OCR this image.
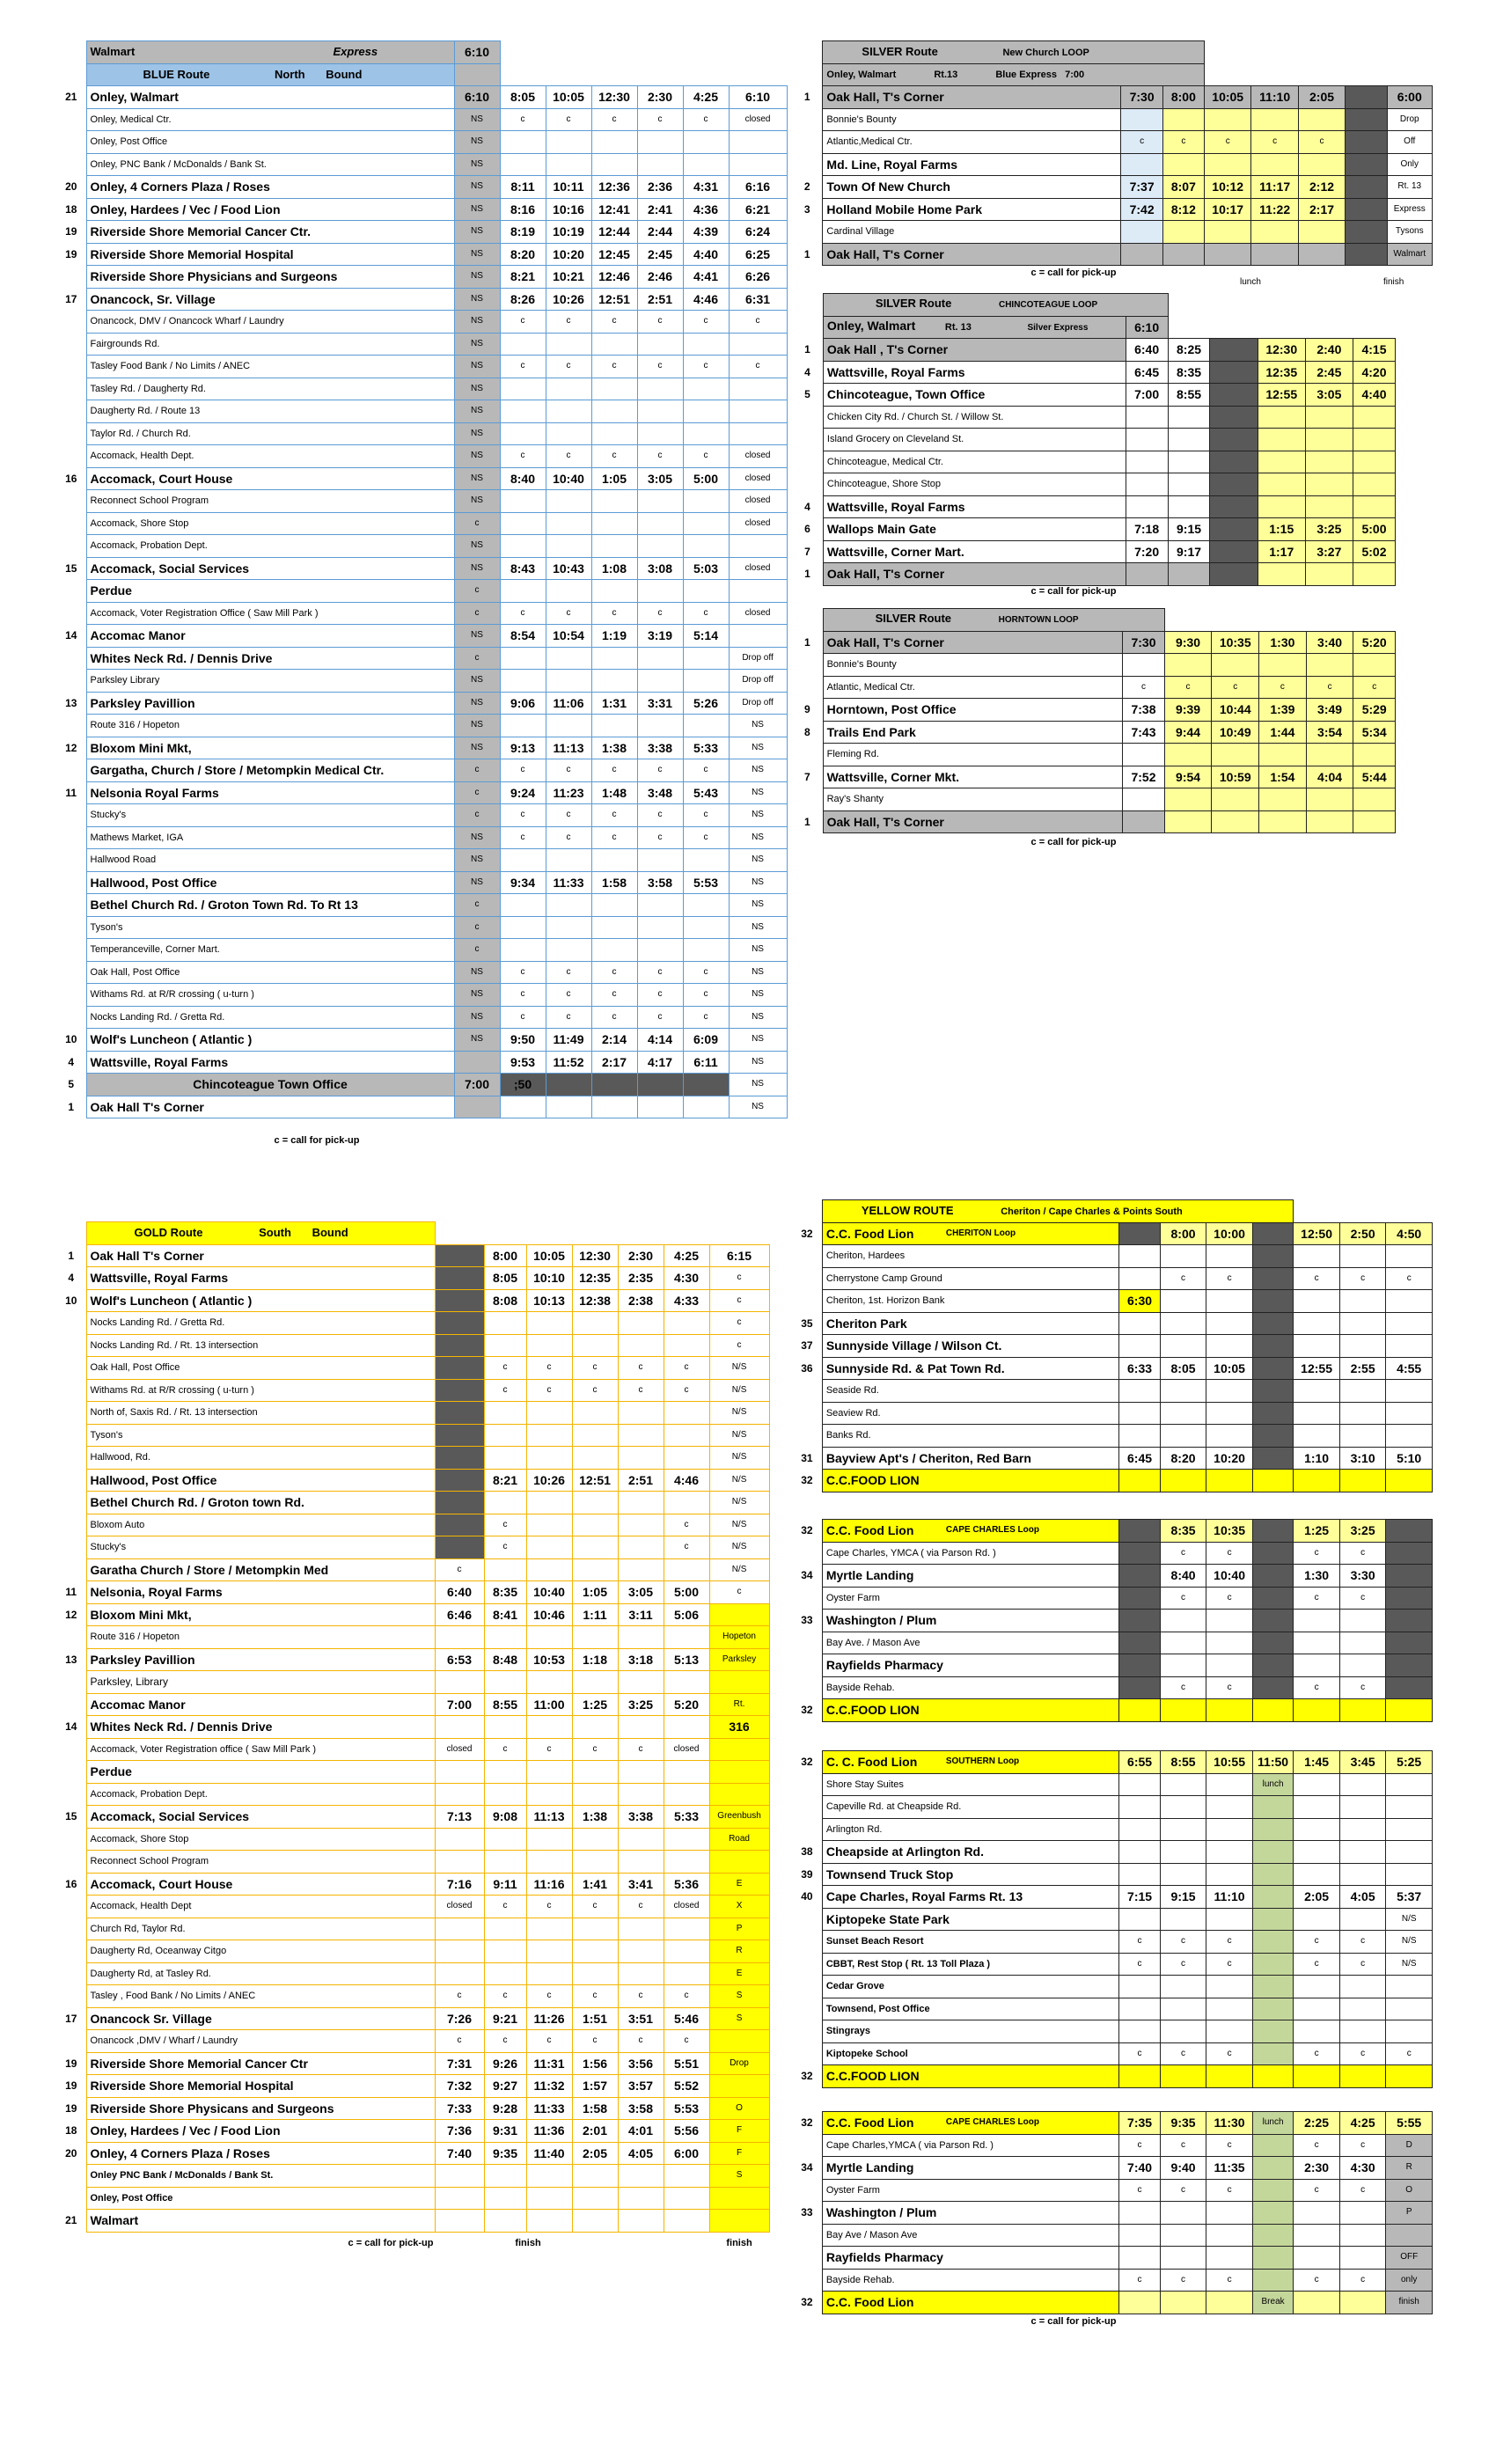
	Walmart Express	6:10						
	BLUE Route North Bound							
21	Onley, Walmart	6:10	8:05	10:05	12:30	2:30	4:25	6:10
	Onley, Medical Ctr.	NS	c	c	c	c	c	closed
	Onley, Post Office	NS						
	Onley, PNC Bank / McDonalds / Bank St.	NS						
20	Onley, 4 Corners Plaza / Roses	NS	8:11	10:11	12:36	2:36	4:31	6:16
18	Onley, Hardees / Vec / Food Lion	NS	8:16	10:16	12:41	2:41	4:36	6:21
19	Riverside Shore Memorial Cancer Ctr.	NS	8:19	10:19	12:44	2:44	4:39	6:24
19	Riverside Shore Memorial Hospital	NS	8:20	10:20	12:45	2:45	4:40	6:25
	Riverside Shore Physicians and Surgeons	NS	8:21	10:21	12:46	2:46	4:41	6:26
17	Onancock, Sr. Village	NS	8:26	10:26	12:51	2:51	4:46	6:31
	Onancock, DMV / Onancock Wharf / Laundry	NS	c	c	c	c	c	c
	Fairgrounds Rd.	NS						
	Tasley Food Bank / No Limits / ANEC	NS	c	c	c	c	c	c
	Tasley Rd. / Daugherty Rd.	NS						
	Daugherty Rd. / Route 13	NS						
	Taylor Rd. / Church Rd.	NS						
	Accomack, Health Dept.	NS	c	c	c	c	c	closed
16	Accomack, Court House	NS	8:40	10:40	1:05	3:05	5:00	closed
	Reconnect School Program	NS						closed
	Accomack, Shore Stop	c						closed
	Accomack, Probation Dept.	NS						
15	Accomack, Social Services	NS	8:43	10:43	1:08	3:08	5:03	closed
	Perdue	c						
	Accomack, Voter Registration Office ( Saw Mill Park )	c	c	c	c	c	c	closed
14	Accomac Manor	NS	8:54	10:54	1:19	3:19	5:14	
	Whites Neck Rd. / Dennis Drive	c						Drop off
	Parksley Library	NS						Drop off
13	Parksley Pavillion	NS	9:06	11:06	1:31	3:31	5:26	Drop off
	Route 316 / Hopeton	NS						NS
12	Bloxom Mini Mkt,	NS	9:13	11:13	1:38	3:38	5:33	NS
	Gargatha, Church / Store / Metompkin Medical Ctr.	c	c	c	c	c	c	NS
11	Nelsonia Royal Farms	c	9:24	11:23	1:48	3:48	5:43	NS
	Stucky's	c	c	c	c	c	c	NS
	Mathews Market, IGA	NS	c	c	c	c	c	NS
	Hallwood Road	NS						NS
	Hallwood, Post Office	NS	9:34	11:33	1:58	3:58	5:53	NS
	Bethel Church Rd. / Groton Town Rd. To Rt 13	c						NS
	Tyson's	c						NS
	Temperanceville, Corner Mart.	c						NS
	Oak Hall, Post Office	NS	c	c	c	c	c	NS
	Withams Rd. at R/R crossing ( u-turn )	NS	c	c	c	c	c	NS
	Nocks Landing Rd. / Gretta Rd.	NS	c	c	c	c	c	NS
10	Wolf's Luncheon ( Atlantic )	NS	9:50	11:49	2:14	4:14	6:09	NS
4	Wattsville, Royal Farms		9:53	11:52	2:17	4:17	6:11	NS
5	Chincoteague Town Office	7:00	;50					NS
1	Oak Hall T's Corner							NS
c = call for pick-up
	SILVER Route New Church LOOP							
	Onley, Walmart Rt.13 Blue Express 7:00							
1	Oak Hall, T's Corner	7:30	8:00	10:05	11:10	2:05		6:00
	Bonnie's Bounty							Drop
	Atlantic,Medical Ctr.	c	c	c	c	c		Off
	Md. Line, Royal Farms							Only
2	Town Of New Church	7:37	8:07	10:12	11:17	2:12		Rt. 13
3	Holland Mobile Home Park	7:42	8:12	10:17	11:22	2:17		Express
	Cardinal Village							Tysons
1	Oak Hall, T's Corner							Walmart

		lunch finish						
c = call for pick-up
	SILVER Route CHINCOTEAGUE LOOP						
	Onley, Walmart Rt. 13 Silver Express	6:10					
1	Oak Hall , T's Corner	6:40	8:25		12:30	2:40	4:15
4	Wattsville, Royal Farms	6:45	8:35		12:35	2:45	4:20
5	Chincoteague, Town Office	7:00	8:55		12:55	3:05	4:40
	Chicken City Rd. / Church St. / Willow St.						
	Island Grocery on Cleveland St.						
	Chincoteague, Medical Ctr.						
	Chincoteague, Shore Stop						
4	Wattsville, Royal Farms						
6	Wallops Main Gate	7:18	9:15		1:15	3:25	5:00
7	Wattsville, Corner Mart.	7:20	9:17		1:17	3:27	5:02
1	Oak Hall, T's Corner						
c = call for pick-up
	SILVER Route HORNTOWN LOOP						
1	Oak Hall, T's Corner	7:30	9:30	10:35	1:30	3:40	5:20
	Bonnie's Bounty						
	Atlantic, Medical Ctr.	c	c	c	c	c	c
9	Horntown, Post Office	7:38	9:39	10:44	1:39	3:49	5:29
8	Trails End Park	7:43	9:44	10:49	1:44	3:54	5:34
	Fleming Rd.						
7	Wattsville, Corner Mkt.	7:52	9:54	10:59	1:54	4:04	5:44
	Ray's Shanty						
1	Oak Hall, T's Corner						
c = call for pick-up
	GOLD Route South Bound							
1	Oak Hall T's Corner		8:00	10:05	12:30	2:30	4:25	6:15
4	Wattsville, Royal Farms		8:05	10:10	12:35	2:35	4:30	c
10	Wolf's Luncheon ( Atlantic )		8:08	10:13	12:38	2:38	4:33	c
	Nocks Landing Rd. / Gretta Rd.							c
	Nocks Landing Rd. / Rt. 13 intersection							c
	Oak Hall, Post Office		c	c	c	c	c	N/S
	Withams Rd. at R/R crossing ( u-turn )		c	c	c	c	c	N/S
	North of, Saxis Rd. / Rt. 13 intersection							N/S
	Tyson's							N/S
	Hallwood, Rd.							N/S
	Hallwood, Post Office		8:21	10:26	12:51	2:51	4:46	N/S
	Bethel Church Rd. / Groton town Rd.							N/S
	Bloxom Auto		c				c	N/S
	Stucky's		c				c	N/S
	Garatha Church / Store / Metompkin Med	c						N/S
11	Nelsonia, Royal Farms	6:40	8:35	10:40	1:05	3:05	5:00	c
12	Bloxom Mini Mkt,	6:46	8:41	10:46	1:11	3:11	5:06	
	Route 316 / Hopeton							Hopeton
13	Parksley Pavillion	6:53	8:48	10:53	1:18	3:18	5:13	Parksley
	Parksley, Library							
	Accomac Manor	7:00	8:55	11:00	1:25	3:25	5:20	Rt.
14	Whites Neck Rd. / Dennis Drive							316
	Accomack, Voter Registration office ( Saw Mill Park )	closed	c	c	c	c	closed	
	Perdue							
	Accomack, Probation Dept.							
15	Accomack, Social Services	7:13	9:08	11:13	1:38	3:38	5:33	Greenbush
	Accomack, Shore Stop							Road
	Reconnect School Program							
16	Accomack, Court House	7:16	9:11	11:16	1:41	3:41	5:36	E
	Accomack, Health Dept	closed	c	c	c	c	closed	X
	Church Rd, Taylor Rd.							P
	Daugherty Rd, Oceanway Citgo							R
	Daugherty Rd, at Tasley Rd.							E
	Tasley , Food Bank / No Limits / ANEC	c	c	c	c	c	c	S
17	Onancock Sr. Village	7:26	9:21	11:26	1:51	3:51	5:46	S
	Onancock ,DMV / Wharf / Laundry	c	c	c	c	c	c	
19	Riverside Shore Memorial Cancer Ctr	7:31	9:26	11:31	1:56	3:56	5:51	Drop
19	Riverside Shore Memorial Hospital	7:32	9:27	11:32	1:57	3:57	5:52	
19	Riverside Shore Physicans and Surgeons	7:33	9:28	11:33	1:58	3:58	5:53	O
18	Onley, Hardees / Vec / Food Lion	7:36	9:31	11:36	2:01	4:01	5:56	F
20	Onley, 4 Corners Plaza / Roses	7:40	9:35	11:40	2:05	4:05	6:00	F
	Onley PNC Bank / McDonalds / Bank St.							S
	Onley, Post Office							
21	Walmart							
	c = call for pick-up		finish					finish
	YELLOW ROUTE Cheriton / Cape Charles & Points South							
32	C.C. Food Lion CHERITON Loop		8:00	10:00		12:50	2:50	4:50
	Cheriton, Hardees							
	Cherrystone Camp Ground		c	c		c	c	c
	Cheriton, 1st. Horizon Bank	6:30						
35	Cheriton Park							
37	Sunnyside Village / Wilson Ct.							
36	Sunnyside Rd. & Pat Town Rd.	6:33	8:05	10:05		12:55	2:55	4:55
	Seaside Rd.							
	Seaview Rd.							
	Banks Rd.							
31	Bayview Apt's / Cheriton, Red Barn	6:45	8:20	10:20		1:10	3:10	5:10
32	C.C.FOOD LION							
32	C.C. Food Lion CAPE CHARLES Loop		8:35	10:35		1:25	3:25	
	Cape Charles, YMCA ( via Parson Rd. )		c	c		c	c	
34	Myrtle Landing		8:40	10:40		1:30	3:30	
	Oyster Farm		c	c		c	c	
33	Washington / Plum							
	Bay Ave. / Mason Ave							
	Rayfields Pharmacy							
	Bayside Rehab.		c	c		c	c	
32	C.C.FOOD LION							
32	C. C. Food Lion SOUTHERN Loop	6:55	8:55	10:55	11:50	1:45	3:45	5:25
	Shore Stay Suites				lunch			
	Capeville Rd. at Cheapside Rd.							
	Arlington Rd.							
38	Cheapside at Arlington Rd.							
39	Townsend Truck Stop							
40	Cape Charles, Royal Farms Rt. 13	7:15	9:15	11:10		2:05	4:05	5:37
	Kiptopeke State Park							N/S
	Sunset Beach Resort	c	c	c		c	c	N/S
	CBBT, Rest Stop ( Rt. 13 Toll Plaza )	c	c	c		c	c	N/S
	Cedar Grove							
	Townsend, Post Office							
	Stingrays							
	Kiptopeke School	c	c	c		c	c	c
32	C.C.FOOD LION							
32	C.C. Food Lion CAPE CHARLES Loop	7:35	9:35	11:30	lunch	2:25	4:25	5:55
	Cape Charles,YMCA ( via Parson Rd. )	c	c	c		c	c	D
34	Myrtle Landing	7:40	9:40	11:35		2:30	4:30	R
	Oyster Farm	c	c	c		c	c	O
33	Washington / Plum							P
	Bay Ave / Mason Ave							
	Rayfields Pharmacy							OFF
	Bayside Rehab.	c	c	c		c	c	only
32	C.C. Food Lion				Break			finish
c = call for pick-up
